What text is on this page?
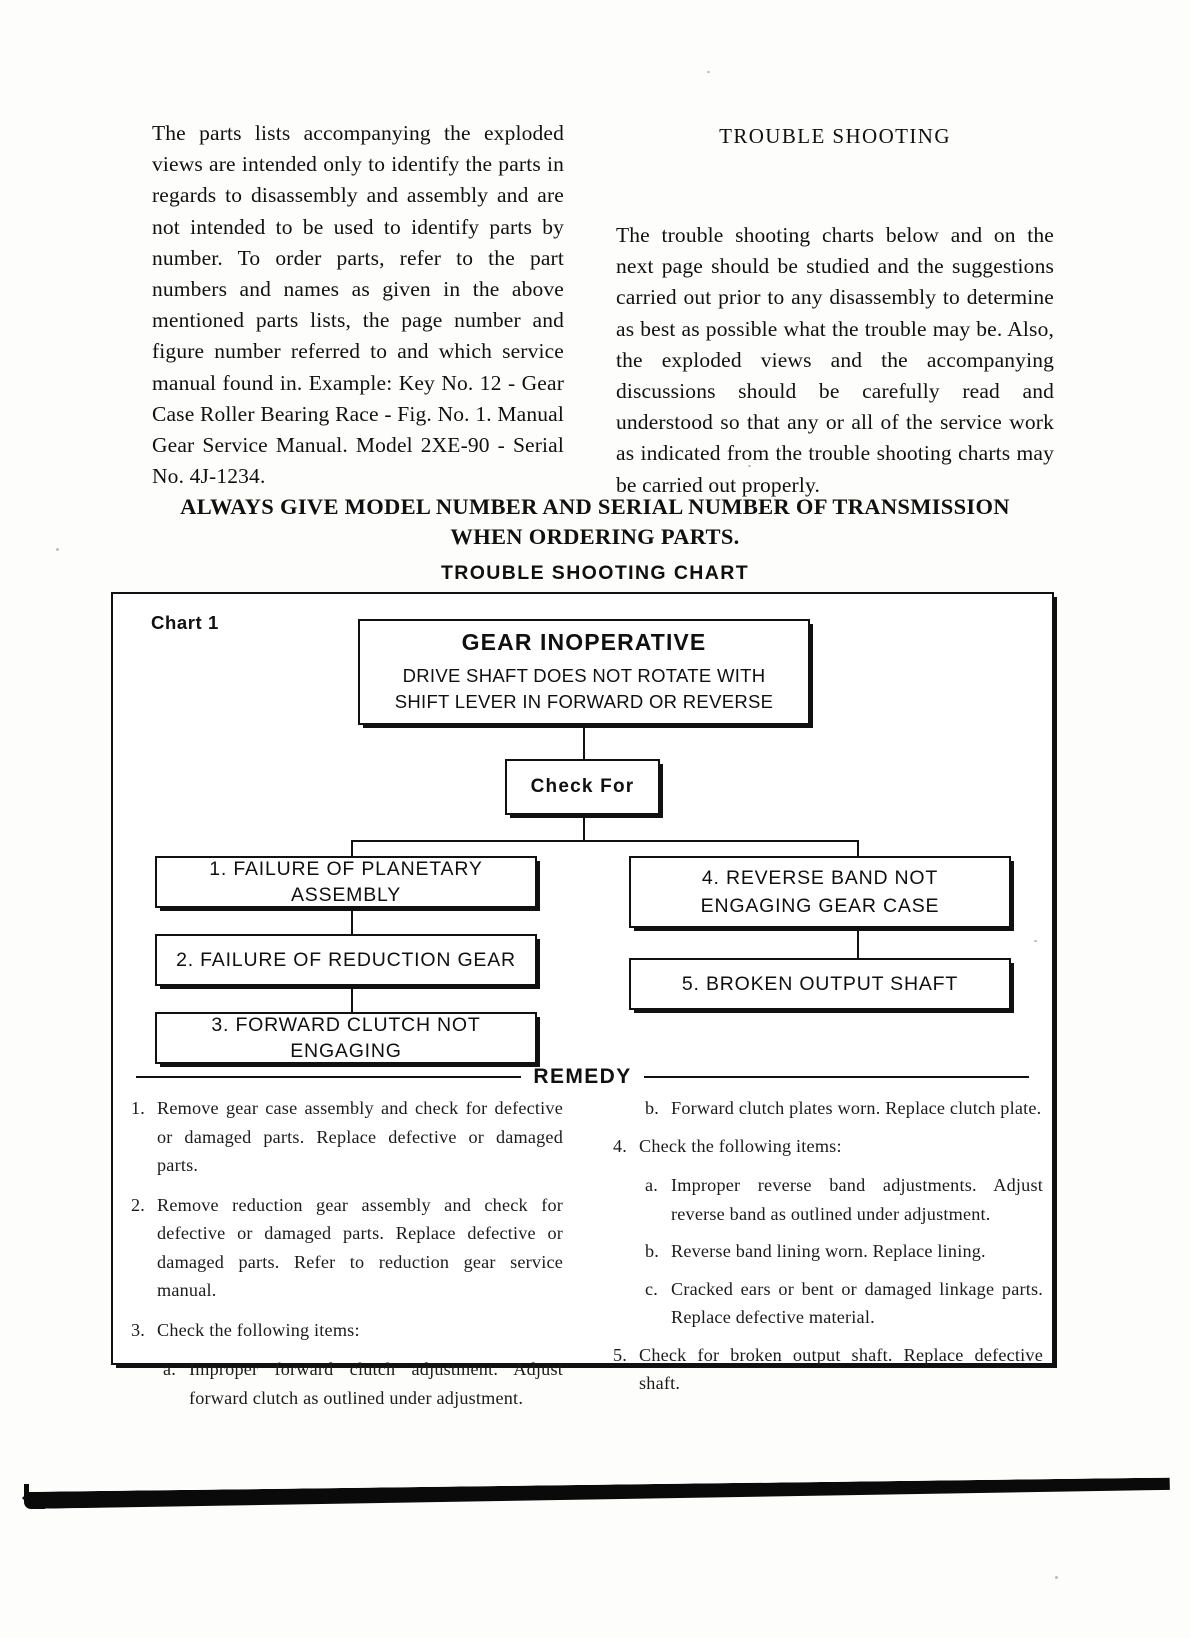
The parts lists accompanying the exploded views are intended only to identify the parts in regards to disassembly and assembly and are not intended to be used to identify parts by number. To order parts, refer to the part numbers and names as given in the above mentioned parts lists, the page number and figure number referred to and which service manual found in. Example: Key No. 12 - Gear Case Roller Bearing Race - Fig. No. 1. Manual Gear Service Manual. Model 2XE-90 - Serial No. 4J-1234.
TROUBLE SHOOTING
The trouble shooting charts below and on the next page should be studied and the suggestions carried out prior to any disassembly to determine as best as possible what the trouble may be. Also, the exploded views and the accompanying discussions should be carefully read and understood so that any or all of the service work as indicated from the trouble shooting charts may be carried out properly.
ALWAYS GIVE MODEL NUMBER AND SERIAL NUMBER OF TRANSMISSION
WHEN ORDERING PARTS.
TROUBLE SHOOTING CHART
Chart 1
GEAR INOPERATIVE
DRIVE SHAFT DOES NOT ROTATE WITH
SHIFT LEVER IN FORWARD OR REVERSE
Check For
1. FAILURE OF PLANETARY ASSEMBLY
2. FAILURE OF REDUCTION GEAR
3. FORWARD CLUTCH NOT ENGAGING
4. REVERSE BAND NOT
ENGAGING GEAR CASE
5. BROKEN OUTPUT SHAFT
REMEDY
1. Remove gear case assembly and check for defective or damaged parts. Replace defective or damaged parts.
2. Remove reduction gear assembly and check for defective or damaged parts. Replace defective or damaged parts. Refer to reduction gear service manual.
3. Check the following items:
a. Improper forward clutch adjustment. Adjust forward clutch as outlined under adjustment.
b. Forward clutch plates worn. Replace clutch plate.
4. Check the following items:
a. Improper reverse band adjustments. Adjust reverse band as outlined under adjustment.
b. Reverse band lining worn. Replace lining.
c. Cracked ears or bent or damaged linkage parts. Replace defective material.
5. Check for broken output shaft. Replace defective shaft.
